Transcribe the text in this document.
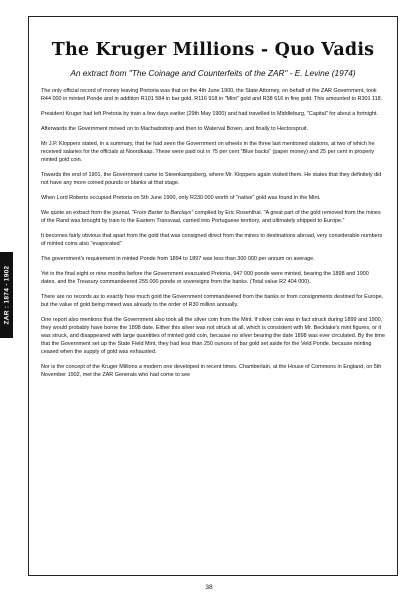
ZAR : 1874 - 1902
The Kruger Millions - Quo Vadis
An extract from "The Coinage and Counterfeits of the ZAR" - E. Levine (1974)

The only official record of money leaving Pretoria was that on the 4th June 1900, the State Attorney, on behalf of the ZAR Government, took R44 000 in minted Ponde and in addition R101 584 in bar gold, R116 918 in "Mint" gold and R38 616 in fine gold. This amounted to R301 118.

President Kruger had left Pretoria by train a few days earlier (29th May 1900) and had travelled to Middleburg, "Capital" for about a fortnight.

Afterwards the Government moved on to Machadodorp and then to Waterval Boven, and finally to Hectorspruit.

Mr J.P. Kloppers stated, in a summary, that he had seen the Government on wheels in the three last mentioned stations, at two of which he received salaries for the officials at Noordkaap. These were paid out in 75 per cent "Blue backs" (paper money) and 25 per cent in properly minted gold coin.

Towards the end of 1901, the Government came to Steenkampsberg, where Mr. Kloppers again visited them. He states that they definitely did not have any more coined pounds or blanks at that stage.

When Lord Roberts occupied Pretoria on 5th June 1900, only R230 000 worth of "native" gold was found in the Mint.

We quote an extract from the journal, "From Barter to Barclays" compiled by Eric Rosenthal. "A great part of the gold removed from the mines of the Rand was brought by train to the Eastern Transvaal, carried into Portuguese territory, and ultimately shipped to Europe."

It becomes fairly obvious that apart from the gold that was consigned direct from the mines to destinations abroad, very considerable numbers of minted coins also "evaporated"

The government's requirement in minted Ponde from 1894 to 1897 was less than 300 000 per annum on average.

Yet in the final eight or nine months before the Government evacuated Pretoria, 947 000 ponde were minted, bearing the 1898 and 1900 dates, and the Treasury commandeered 255 000 ponde or sovereigns from the banks. (Total value R2 404 000).

There are no records as to exactly how much gold the Government commandeered from the banks or from consignments destined for Europe, but the value of gold being mined was already to the order of R30 million annually.

One report also mentions that the Government also took all the silver coin from the Mint. If silver coin was in fact struck during 1899 and 1900, they would probably have borne the 1898 date. Either this silver was not struck at all, which is consistent with Mr. Becklake's mint figures, or it was struck, and disappeared with large quantities of minted gold coin, because no silver bearing the date 1898 was ever circulated. By the time that the Government set up the State Field Mint, they had less than 250 ounces of bar gold set aside for the Veld Ponde, because minting ceased when the supply of gold was exhausted.

Nor is the concept of the Kruger Millions a modern one developed in recent times. Chamberlain, at the House of Commons in England, on 5th November 1902, met the ZAR Generals who had come to see

38
